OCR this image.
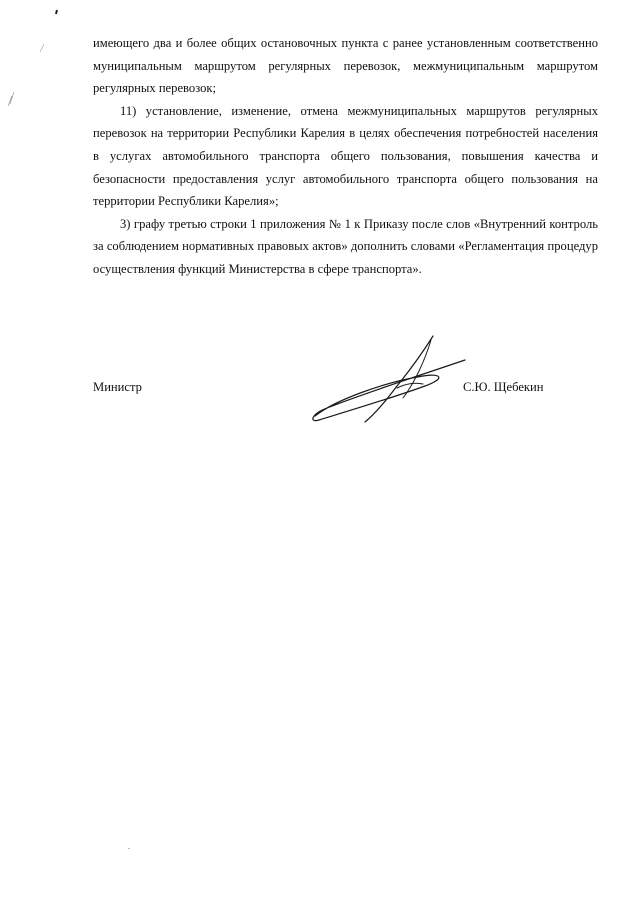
имеющего два и более общих остановочных пункта с ранее установленным соответственно муниципальным маршрутом регулярных перевозок, межмуниципальным маршрутом регулярных перевозок;

11) установление, изменение, отмена межмуниципальных маршрутов регулярных перевозок на территории Республики Карелия в целях обеспечения потребностей населения в услугах автомобильного транспорта общего пользования, повышения качества и безопасности предоставления услуг автомобильного транспорта общего пользования на территории Республики Карелия»;

3) графу третью строки 1 приложения № 1 к Приказу после слов «Внутренний контроль за соблюдением нормативных правовых актов» дополнить словами «Регламентация процедур осуществления функций Министерства в сфере транспорта».

Министр	С.Ю. Щебекин
